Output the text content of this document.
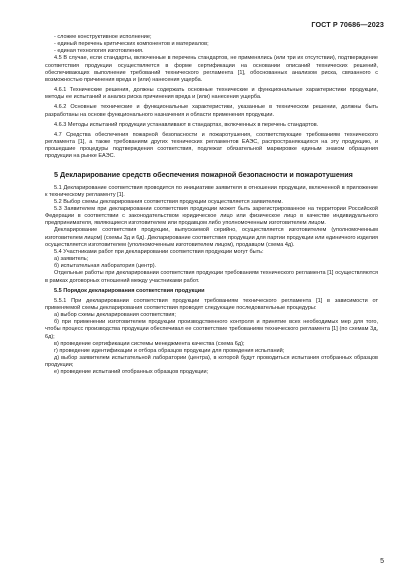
ГОСТ Р 70686—2023

- сложее конструктивное исполнение;

- единый перечень критических компонентов и материалов;

- единая технология изготовления.

4.5 В случае, если стандарты, включенные в перечень стандартов, не применялись (или три их отсутствии), подтверждение соответствия продукции осуществляется в форме сертификации на основании описаний технических решений, обеспечивающих выполнение требований технического регламента [1], обоснованных анализом риска, связанного с возможностью причинения вреда и (или) нанесения ущерба.

4.6.1 Технические решения, должны содержать основные технические и функциональные характеристики продукции, методы ее испытаний и анализ риска причинения вреда и (или) нанесения ущерба.

4.6.2 Основные технические и функциональные характеристики, указанные в техническом решении, должны быть разработаны на основе функционального назначения и области применения продукции.

4.6.3 Методы испытаний продукции устанавливают в стандартах, включенных в перечень стандартов.

4.7 Средства обеспечения пожарной безопасности и пожаротушения, соответствующие требованиям технического регламента [1], а также требованиям других технических регламентов ЕАЭС, распространяющихся на эту продукцию, и прошедшие процедуры подтверждения соответствия, подлежат обязательной маркировке единым знаком обращения продукции на рынке ЕАЭС.

5 Декларирование средств обеспечения пожарной безопасности и пожаротушения

5.1 Декларирование соответствия проводится по инициативе заявителя в отношении продукции, включенной в приложение к техническому регламенту [1].

5.2 Выбор схемы декларирования соответствия продукции осуществляется заявителем.

5.3 Заявителем при декларировании соответствия продукции может быть зарегистрированное на территории Российской Федерации в соответствии с законодательством юридическое лицо или физическое лицо в качестве индивидуального предпринимателя, являющиеся изготовителем или продавцом либо уполномоченным изготовителем лицом.

Декларирование соответствия продукции, выпускаемой серийно, осуществляется изготовителем (уполномоченным изготовителем лицом) (схемы 3д и 6д). Декларирование соответствия продукции для партии продукции или единичного изделия осуществляется изготовителем (уполномоченным изготовителем лицом), продавцом (схема 4д).

5.4 Участниками работ при декларировании соответствия продукции могут быть:

а) заявитель;

б) испытательная лаборатория (центр).

Отдельные работы при декларировании соответствия продукции требованиям технического регламента [1] осуществляются в рамках договорных отношений между участниками работ.

5.5 Порядок декларирования соответствия продукции

5.5.1 При декларировании соответствия продукции требованиям технического регламента [1] в зависимости от применяемой схемы декларирования соответствия проводят следующие последовательные процедуры:

а) выбор схемы декларирования соответствия;

б) при применении изготовителем продукции производственного контроля и принятие всех необходимых мер для того, чтобы процесс производства продукции обеспечивал ее соответствие требованиям технического регламента [1] (по схемам 3д, 6д);

в) проведение сертификации системы менеджмента качества (схема 6д);

г) проведение идентификации и отбора образцов продукции для проведения испытаний;

д) выбор заявителем испытательной лаборатории (центра), в которой будут проводиться испытания отобранных образцов продукции;

е) проведение испытаний отобранных образцов продукции;

5
